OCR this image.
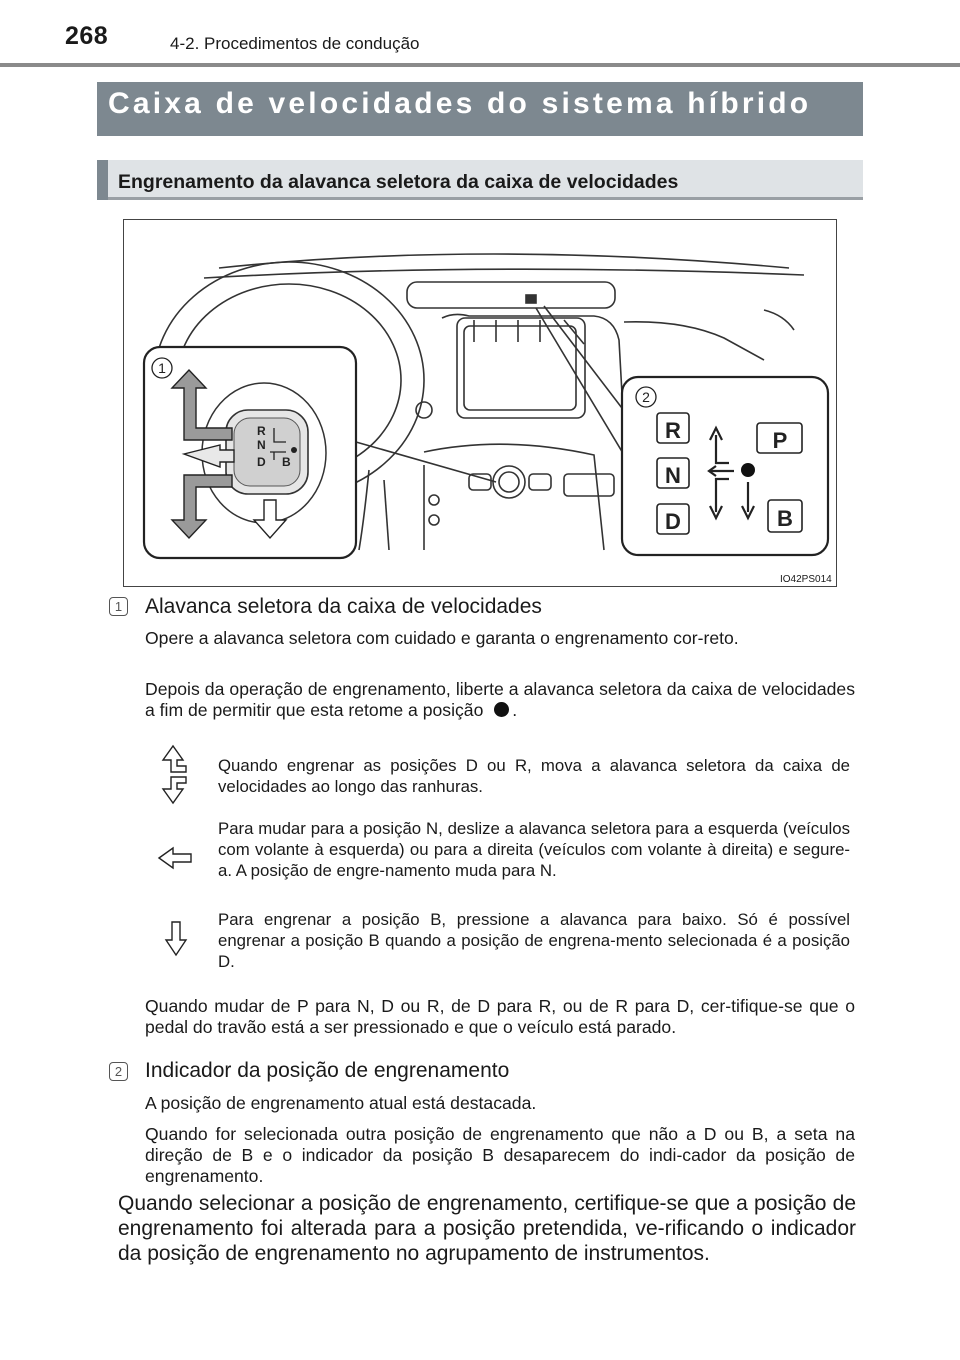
268	4-2. Procedimentos de condução
Caixa de velocidades do sistema híbrido
Engrenamento da alavanca seletora da caixa de velocidades
1
R
N
D B
2
R
N
D
P
B
IO42PS014
1 Alavanca seletora da caixa de velocidades
Opere a alavanca seletora com cuidado e garanta o engrenamento cor-reto.
Depois da operação de engrenamento, liberte a alavanca seletora da caixa de velocidades a fim de permitir que esta retome a posição .
Quando engrenar as posições D ou R, mova a alavanca seletora da caixa de velocidades ao longo das ranhuras.
Para mudar para a posição N, deslize a alavanca seletora para a esquerda (veículos com volante à esquerda) ou para a direita (veículos com volante à direita) e segure-a. A posição de engre-namento muda para N.
Para engrenar a posição B, pressione a alavanca para baixo. Só é possível engrenar a posição B quando a posição de engrena-mento selecionada é a posição D.
Quando mudar de P para N, D ou R, de D para R, ou de R para D, cer-tifique-se que o pedal do travão está a ser pressionado e que o veículo está parado.
2 Indicador da posição de engrenamento
A posição de engrenamento atual está destacada.
Quando for selecionada outra posição de engrenamento que não a D ou B, a seta na direção de B e o indicador da posição B desaparecem do indi-cador da posição de engrenamento.
Quando selecionar a posição de engrenamento, certifique-se que a posição de engrenamento foi alterada para a posição pretendida, ve-rificando o indicador da posição de engrenamento no agrupamento de instrumentos.
